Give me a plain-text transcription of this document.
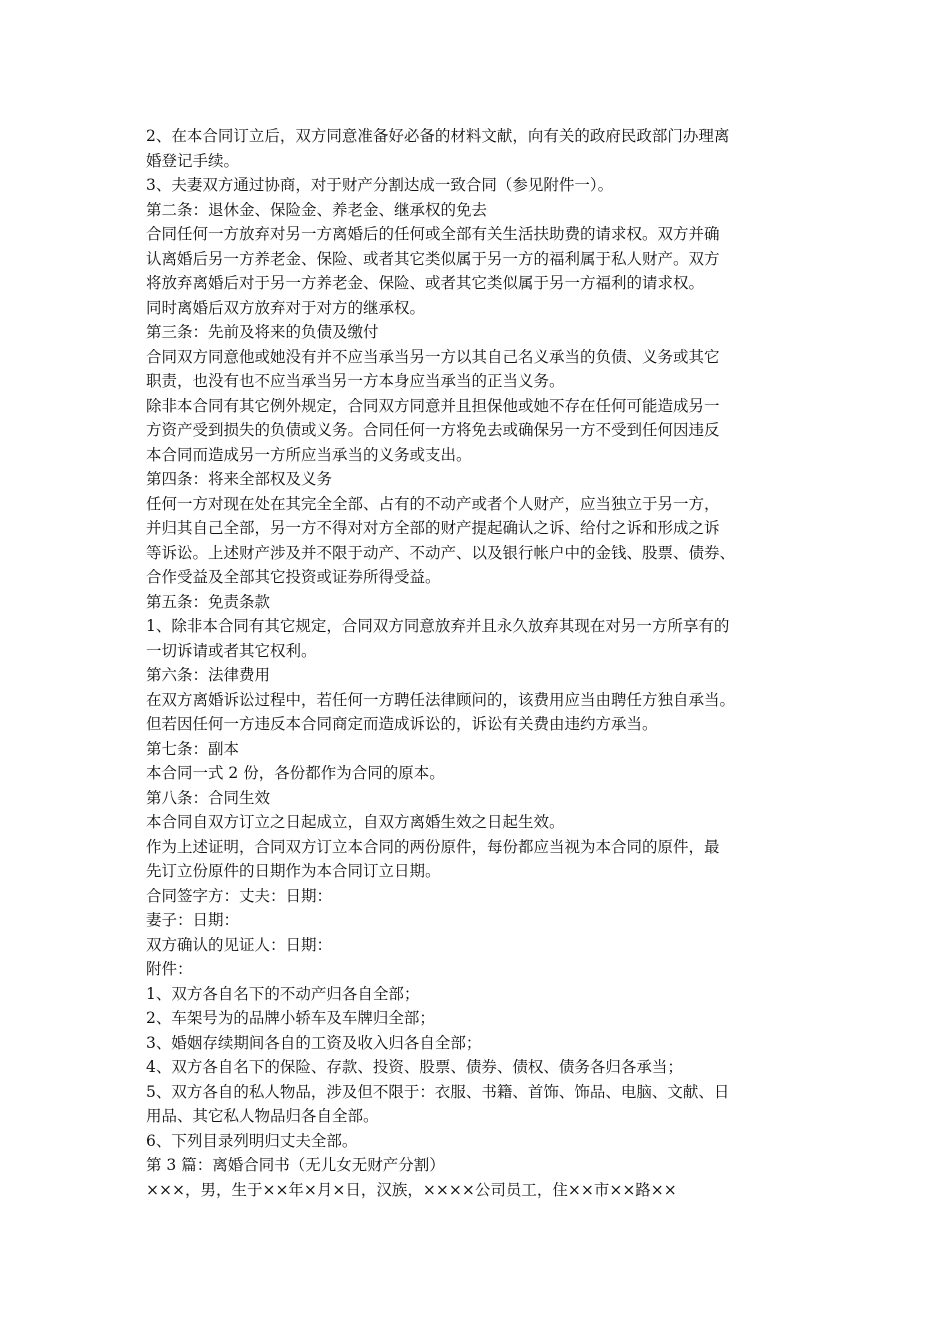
2、在本合同订立后，双方同意准备好必备的材料文献，向有关的政府民政部门办理离

婚登记手续。

3、夫妻双方通过协商，对于财产分割达成一致合同（参见附件一）。

第二条：退休金、保险金、养老金、继承权的免去

合同任何一方放弃对另一方离婚后的任何或全部有关生活扶助费的请求权。双方并确

认离婚后另一方养老金、保险、或者其它类似属于另一方的福利属于私人财产。双方

将放弃离婚后对于另一方养老金、保险、或者其它类似属于另一方福利的请求权。

同时离婚后双方放弃对于对方的继承权。

第三条：先前及将来的负债及缴付

合同双方同意他或她没有并不应当承当另一方以其自己名义承当的负债、义务或其它

职责，也没有也不应当承当另一方本身应当承当的正当义务。

除非本合同有其它例外规定，合同双方同意并且担保他或她不存在任何可能造成另一

方资产受到损失的负债或义务。合同任何一方将免去或确保另一方不受到任何因违反

本合同而造成另一方所应当承当的义务或支出。

第四条：将来全部权及义务

任何一方对现在处在其完全全部、占有的不动产或者个人财产，应当独立于另一方，

并归其自己全部，另一方不得对对方全部的财产提起确认之诉、给付之诉和形成之诉

等诉讼。上述财产涉及并不限于动产、不动产、以及银行帐户中的金钱、股票、债券、

合作受益及全部其它投资或证券所得受益。

第五条：免责条款

1、除非本合同有其它规定，合同双方同意放弃并且永久放弃其现在对另一方所享有的

一切诉请或者其它权利。

第六条：法律费用

在双方离婚诉讼过程中，若任何一方聘任法律顾问的，该费用应当由聘任方独自承当。

但若因任何一方违反本合同商定而造成诉讼的，诉讼有关费由违约方承当。

第七条：副本

本合同一式 2 份，各份都作为合同的原本。

第八条：合同生效

本合同自双方订立之日起成立，自双方离婚生效之日起生效。

作为上述证明，合同双方订立本合同的两份原件，每份都应当视为本合同的原件，最

先订立份原件的日期作为本合同订立日期。

合同签字方：丈夫：日期：

妻子：日期：

双方确认的见证人：日期：

附件：

1、双方各自名下的不动产归各自全部；

2、车架号为的品牌小轿车及车牌归全部；

3、婚姻存续期间各自的工资及收入归各自全部；

4、双方各自名下的保险、存款、投资、股票、债券、债权、债务各归各承当；

5、双方各自的私人物品，涉及但不限于：衣服、书籍、首饰、饰品、电脑、文献、日

用品、其它私人物品归各自全部。

6、下列目录列明归丈夫全部。

第 3 篇：离婚合同书（无儿女无财产分割）

×××，男，生于××年×月×日，汉族，××××公司员工，住××市××路××
